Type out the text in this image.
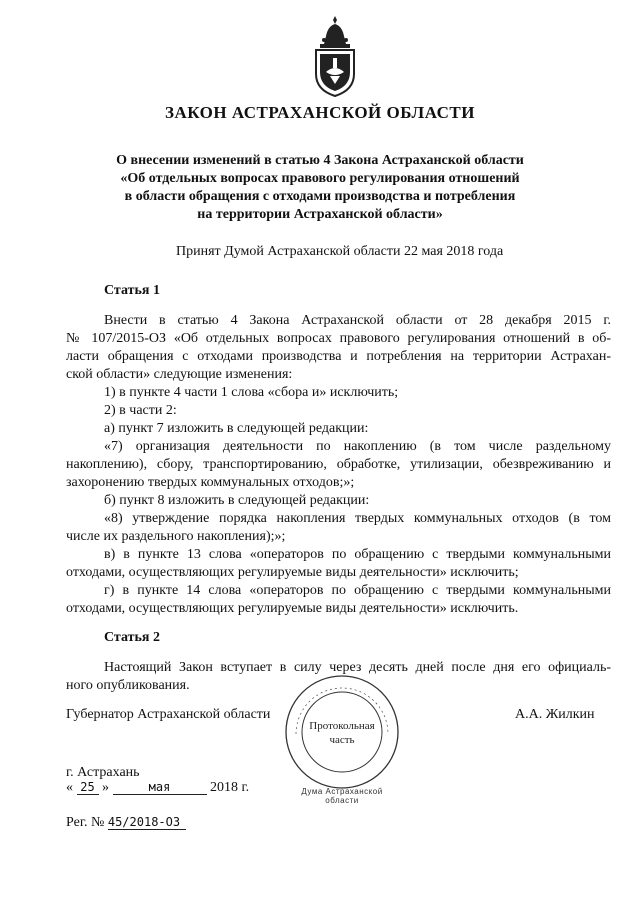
ЗАКОН АСТРАХАНСКОЙ ОБЛАСТИ
О внесении изменений в статью 4 Закона Астраханской области
«Об отдельных вопросах правового регулирования отношений
в области обращения с отходами производства и потребления
на территории Астраханской области»
Принят Думой Астраханской области 22 мая 2018 года
Статья 1
Внести в статью 4 Закона Астраханской области от 28 декабря 2015 г.
№ 107/2015-ОЗ «Об отдельных вопросах правового регулирования отношений в об-
ласти обращения с отходами производства и потребления на территории Астрахан-
ской области» следующие изменения:
1) в пункте 4 части 1 слова «сбора и» исключить;
2) в части 2:
а) пункт 7 изложить в следующей редакции:
«7) организация деятельности по накоплению (в том числе раздельному
накоплению), сбору, транспортированию, обработке, утилизации, обезвреживанию и
захоронению твердых коммунальных отходов;»;
б) пункт 8 изложить в следующей редакции:
«8) утверждение порядка накопления твердых коммунальных отходов (в том
числе их раздельного накопления);»;
в) в пункте 13 слова «операторов по обращению с твердыми коммунальными
отходами, осуществляющих регулируемые виды деятельности» исключить;
г) в пункте 14 слова «операторов по обращению с твердыми коммунальными
отходами, осуществляющих регулируемые виды деятельности» исключить.
Статья 2
Настоящий Закон вступает в силу через десять дней после дня его официаль-
ного опубликования.
Губернатор Астраханской области	А.А. Жилкин
Протокольная
часть
Дума Астраханской области
г. Астрахань
« 25 »	мая	2018 г.
Рег. № 45/2018-ОЗ
